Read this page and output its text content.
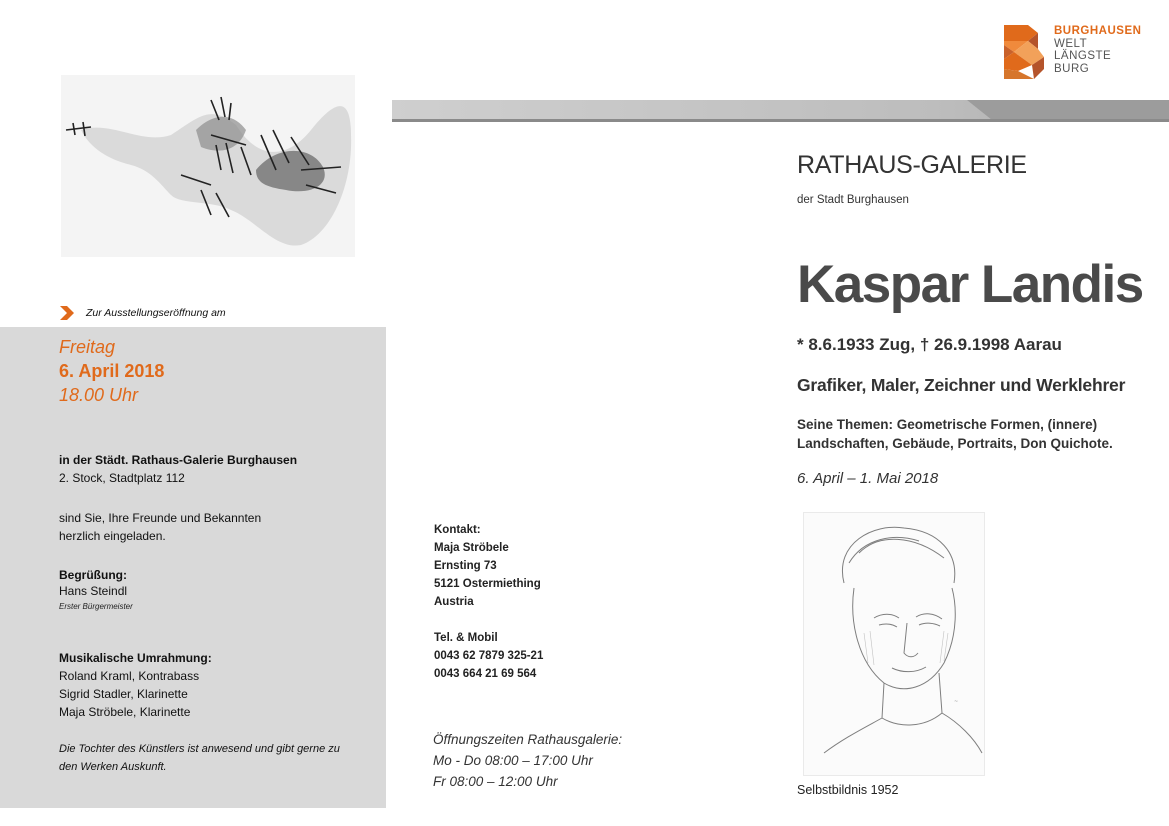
BURGHAUSEN
WELT
LÄNGSTE
BURG
Zur Ausstellungseröffnung am
Freitag
6. April 2018
18.00 Uhr
in der Städt. Rathaus-Galerie Burghausen
2. Stock, Stadtplatz 112
sind Sie, Ihre Freunde und Bekannten
herzlich eingeladen.
Begrüßung:
Hans Steindl
Erster Bürgermeister
Musikalische Umrahmung:
Roland Kraml, Kontrabass
Sigrid Stadler, Klarinette
Maja Ströbele, Klarinette
Die Tochter des Künstlers ist anwesend und gibt gerne zu
den Werken Auskunft.
Kontakt:
Maja Ströbele
Ernsting 73
5121 Ostermiething
Austria
Tel. & Mobil
0043 62 7879 325-21
0043 664 21 69 564
Öffnungszeiten Rathausgalerie:
Mo - Do 08:00 – 17:00 Uhr
Fr 08:00 – 12:00 Uhr
RATHAUS-GALERIE
der Stadt Burghausen
Kaspar Landis
* 8.6.1933 Zug, † 26.9.1998 Aarau
Grafiker, Maler, Zeichner und Werklehrer
Seine Themen: Geometrische Formen, (innere)
Landschaften, Gebäude, Portraits, Don Quichote.
6. April – 1. Mai 2018
~
Selbstbildnis 1952
